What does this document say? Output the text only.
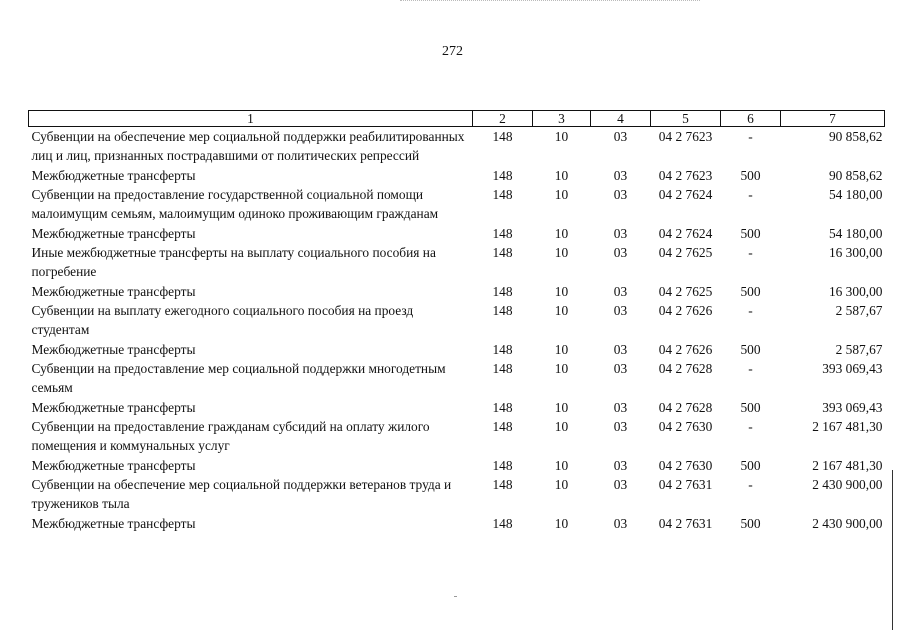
272
1	2	3	4	5	6	7
Субвенции на обеспечение мер социальной поддержки реабилитированных лиц и лиц, признанных пострадавшими от политических репрессий	148	10	03	04 2 7623	-	90 858,62
Межбюджетные трансферты	148	10	03	04 2 7623	500	90 858,62
Субвенции на предоставление государственной социальной помощи малоимущим семьям, малоимущим одиноко проживающим гражданам	148	10	03	04 2 7624	-	54 180,00
Межбюджетные трансферты	148	10	03	04 2 7624	500	54 180,00
Иные межбюджетные трансферты на выплату социального пособия на погребение	148	10	03	04 2 7625	-	16 300,00
Межбюджетные трансферты	148	10	03	04 2 7625	500	16 300,00
Субвенции на выплату ежегодного социального пособия на проезд студентам	148	10	03	04 2 7626	-	2 587,67
Межбюджетные трансферты	148	10	03	04 2 7626	500	2 587,67
Субвенции на предоставление мер социальной поддержки многодетным семьям	148	10	03	04 2 7628	-	393 069,43
Межбюджетные трансферты	148	10	03	04 2 7628	500	393 069,43
Субвенции на предоставление гражданам субсидий на оплату жилого помещения и коммунальных услуг	148	10	03	04 2 7630	-	2 167 481,30
Межбюджетные трансферты	148	10	03	04 2 7630	500	2 167 481,30
Субвенции на обеспечение мер социальной поддержки ветеранов труда и тружеников тыла	148	10	03	04 2 7631	-	2 430 900,00
Межбюджетные трансферты	148	10	03	04 2 7631	500	2 430 900,00
